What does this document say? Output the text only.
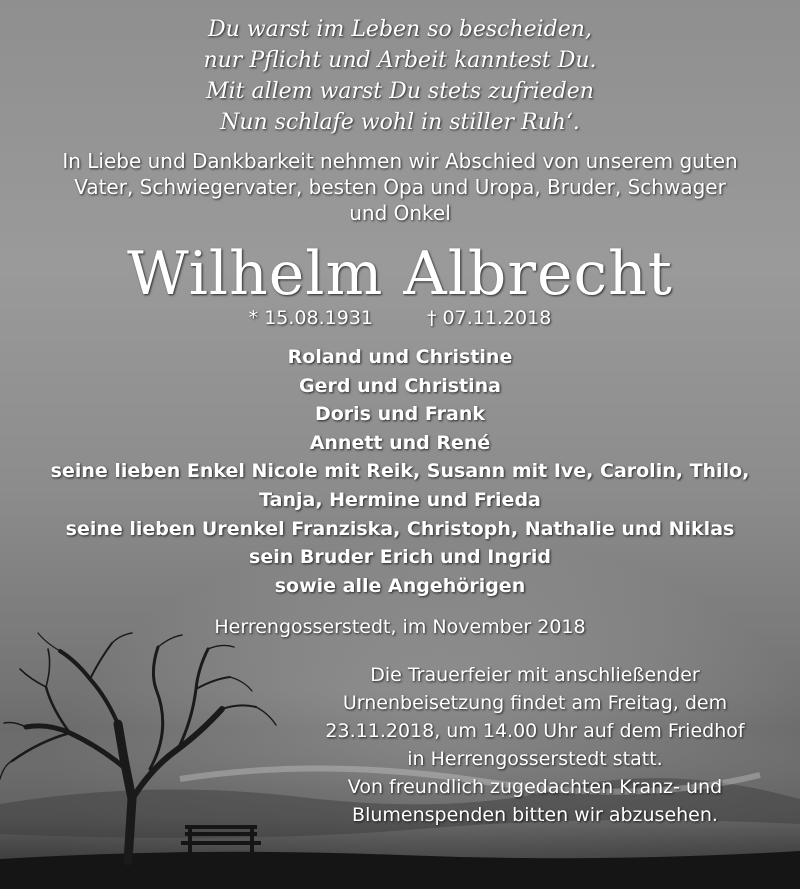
Du warst im Leben so bescheiden,
nur Pflicht und Arbeit kanntest Du.
Mit allem warst Du stets zufrieden
Nun schlafe wohl in stiller Ruh‘.
In Liebe und Dankbarkeit nehmen wir Abschied von unserem guten
Vater, Schwiegervater, besten Opa und Uropa, Bruder, Schwager
und Onkel
Wilhelm Albrecht
* 15.08.1931	† 07.11.2018
Roland und Christine
Gerd und Christina
Doris und Frank
Annett und René
seine lieben Enkel Nicole mit Reik, Susann mit Ive, Carolin, Thilo,
Tanja, Hermine und Frieda
seine lieben Urenkel Franziska, Christoph, Nathalie und Niklas
sein Bruder Erich und Ingrid
sowie alle Angehörigen
Herrengosserstedt, im November 2018
Die Trauerfeier mit anschließender
Urnenbeisetzung findet am Freitag, dem
23.11.2018, um 14.00 Uhr auf dem Friedhof
in Herrengosserstedt statt.
Von freundlich zugedachten Kranz- und
Blumenspenden bitten wir abzusehen.
